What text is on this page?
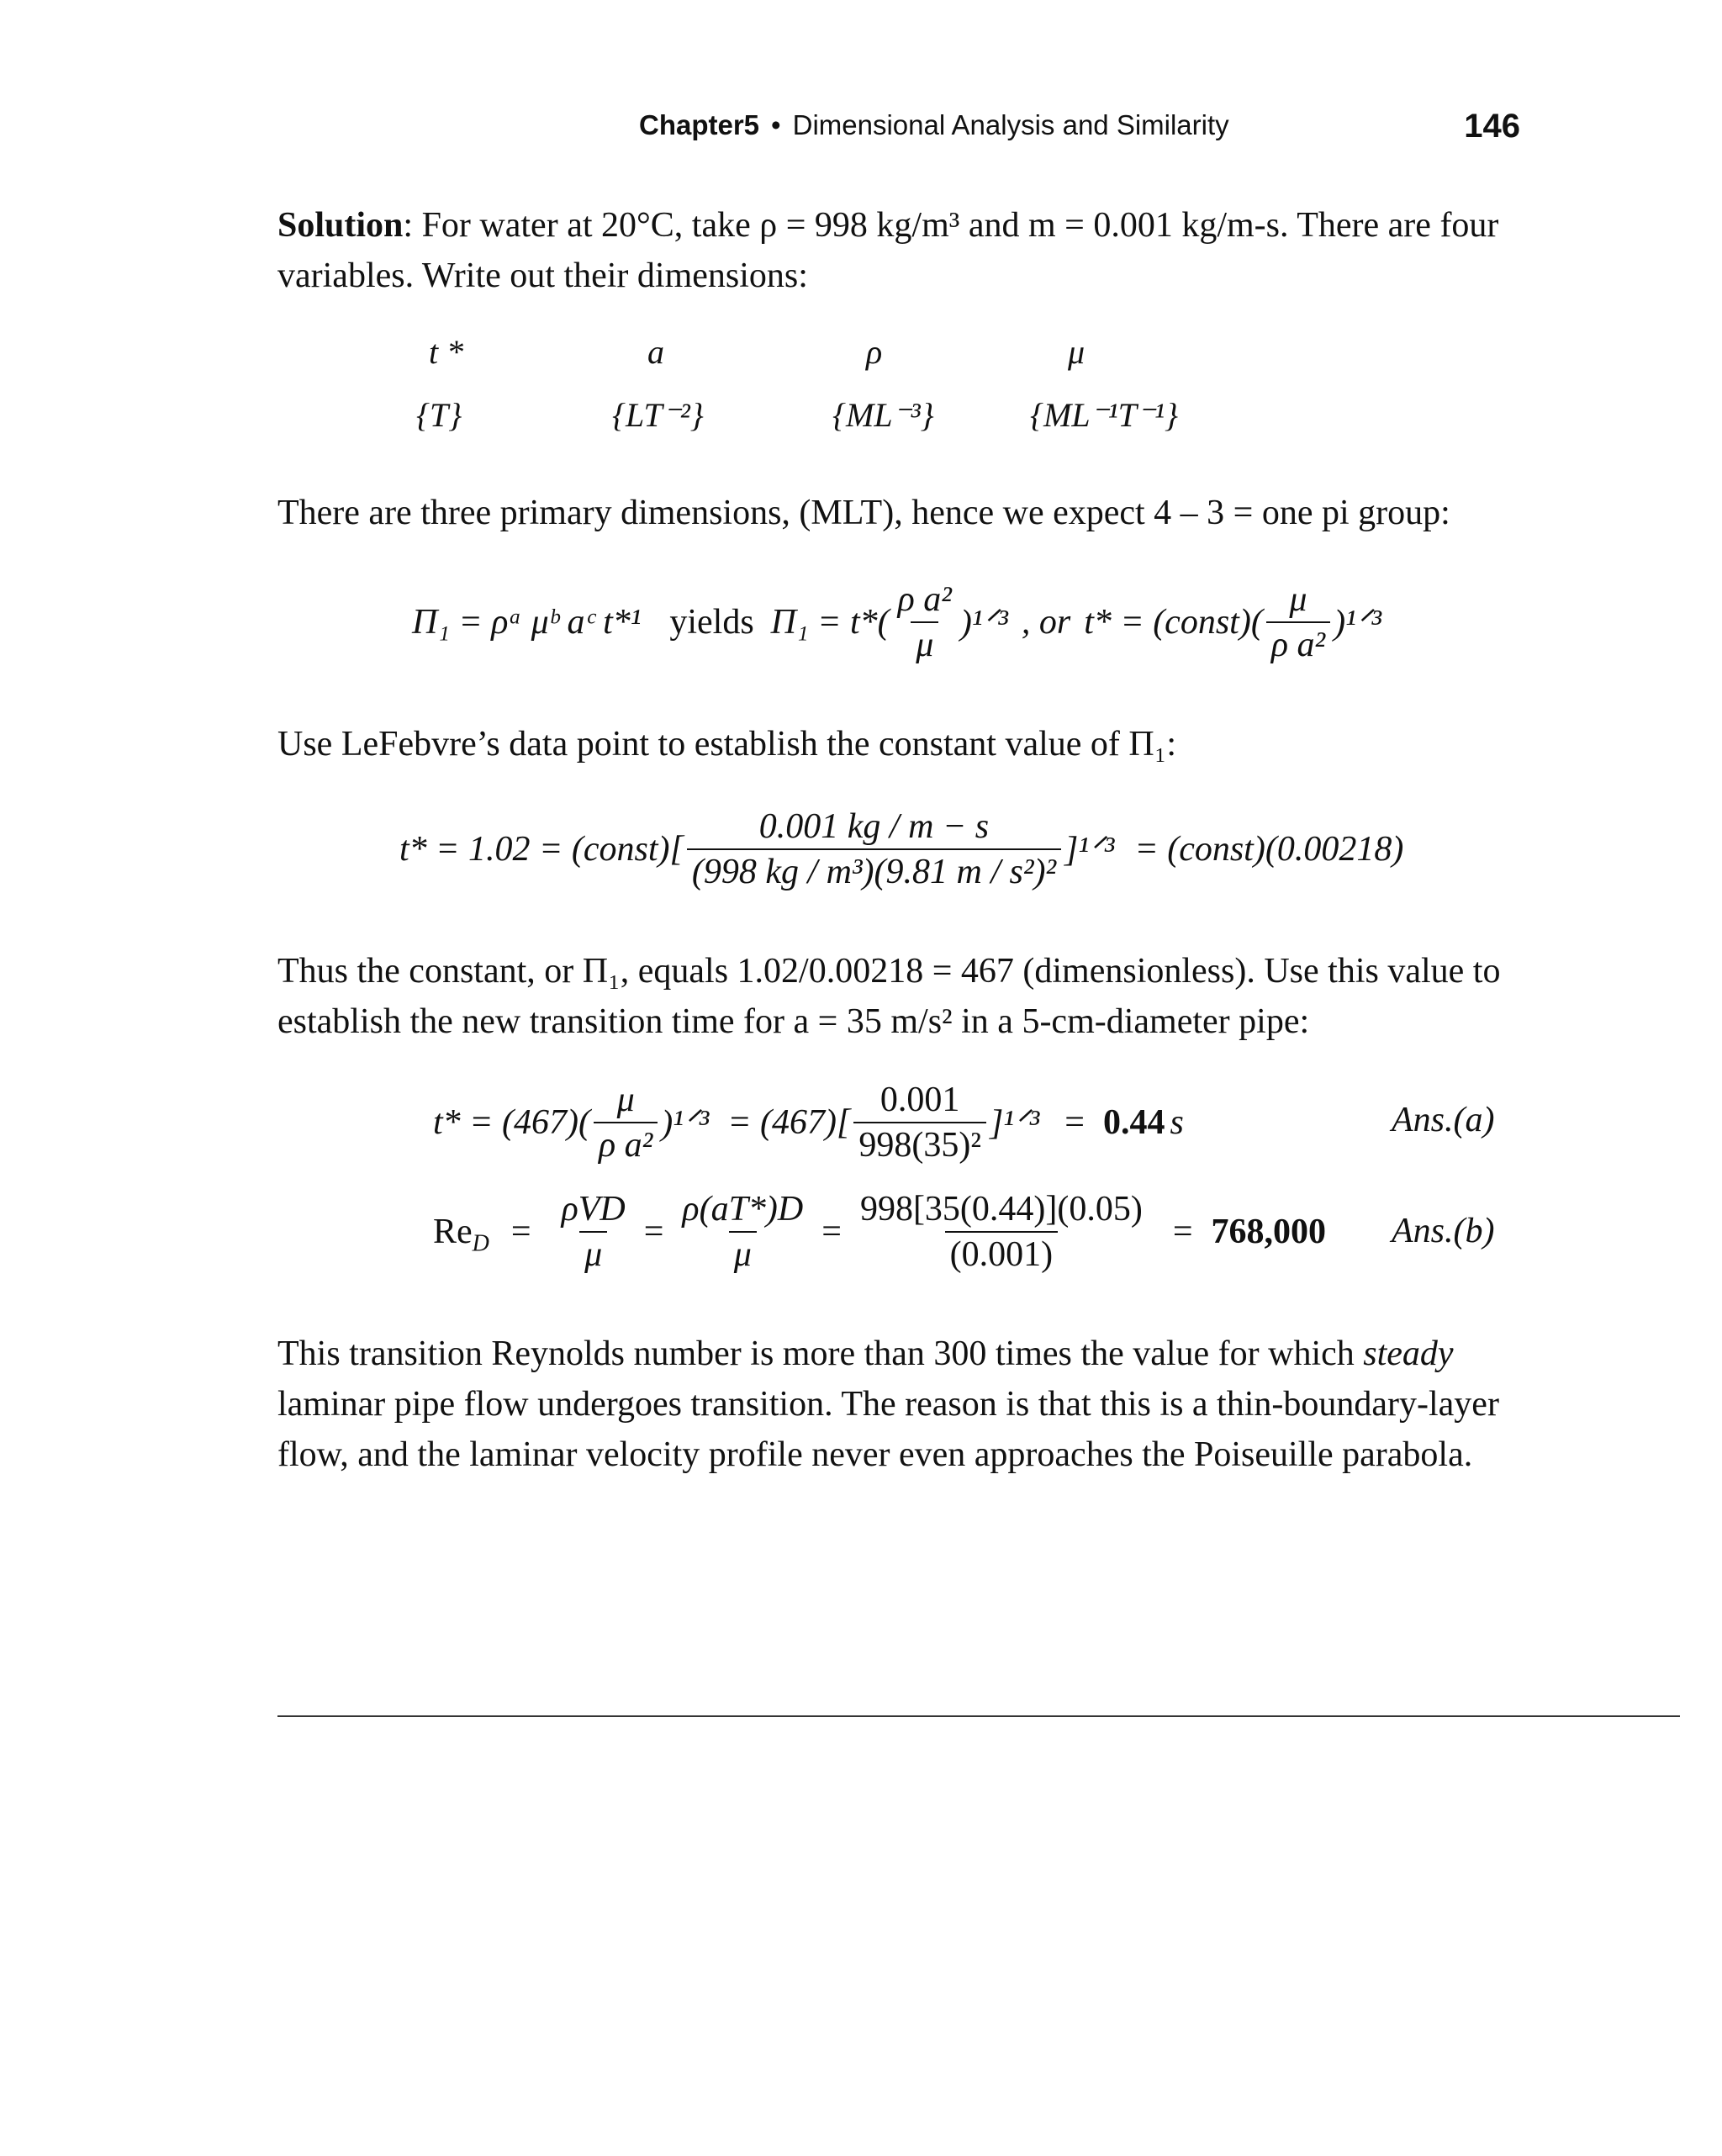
Chapter5 • Dimensional Analysis and Similarity	146
Solution: For water at 20°C, take ρ = 998 kg/m³ and m = 0.001 kg/m-s. There are four
variables. Write out their dimensions:
t *	a	ρ	μ
{T}	{LT⁻²}	{ML⁻³}	{ML⁻¹T⁻¹}
There are three primary dimensions, (MLT), hence we expect 4 – 3 = one pi group:
Π₁ = ρᵃ μᵇ aᶜ t*¹ yields $\Pi_1 = t*( \frac{\text{ρ a²}}{\mu}$ )¹ᐟ³ , or t* = (const)( $\frac{\mu}{\text{ρ a²}}$ )¹ᐟ³
Use LeFebvre’s data point to establish the constant value of Π₁:
t* = 1.02 = (const)[ $\frac{0.001 kg / m - s}{\text{(998 kg / m³)(9.81 m / s²)²}}$ ]¹ᐟ³ = (const)(0.00218)
Thus the constant, or Π₁, equals 1.02/0.00218 = 467 (dimensionless). Use this value to
establish the new transition time for a = 35 m/s² in a 5-cm-diameter pipe:
$t* = (467)( \frac{\mu}{\text{ρ a²}}$ )¹ᐟ³ = $(467)[ \frac{0.001}{\text{998(35)²}}$ ]¹ᐟ³ = 0.44 s	Ans.(a)
$Re_D = \frac{\text{ρVD}}{\mu} = \frac{\rho(aT*)D}{\mu} = \frac{998[35(0.44)](0.05)}{(0.001)} = 768,000$ Ans.(b)
This transition Reynolds number is more than 300 times the value for which steady
laminar pipe flow undergoes transition. The reason is that this is a thin-boundary-layer
flow, and the laminar velocity profile never even approaches the Poiseuille parabola.
